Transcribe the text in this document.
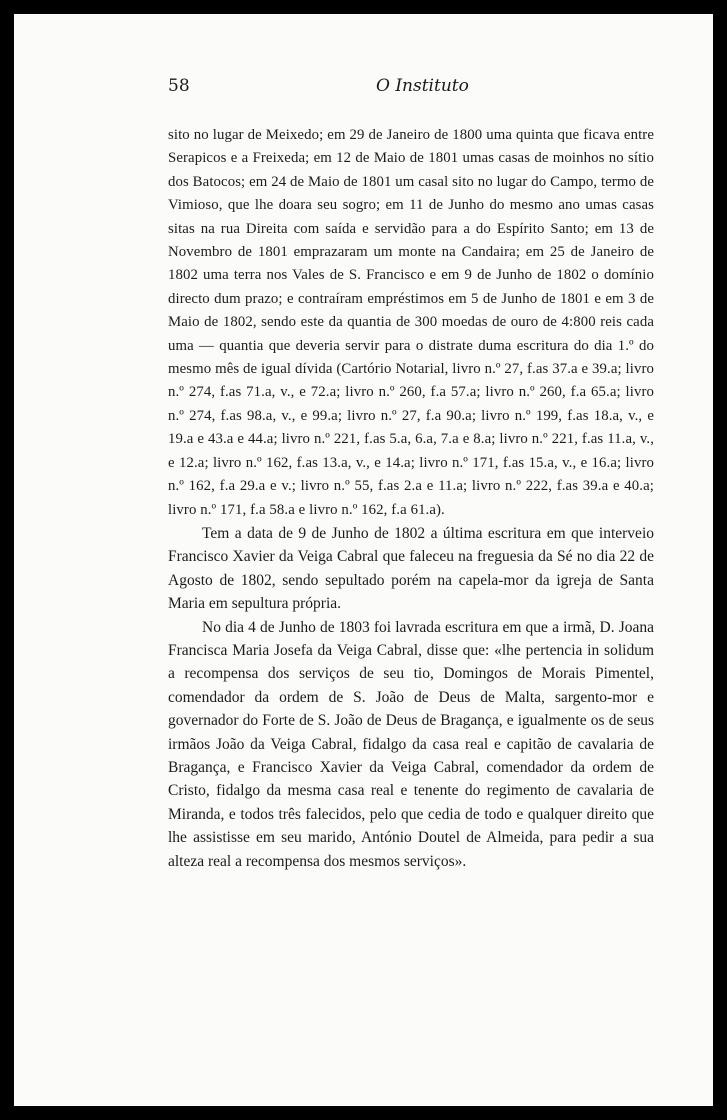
58	O Instituto

sito no lugar de Meixedo; em 29 de Janeiro de 1800 uma quinta que ficava entre Serapicos e a Freixeda; em 12 de Maio de 1801 umas casas de moinhos no sítio dos Batocos; em 24 de Maio de 1801 um casal sito no lugar do Campo, termo de Vimioso, que lhe doara seu sogro; em 11 de Junho do mesmo ano umas casas sitas na rua Direita com saída e servidão para a do Espírito Santo; em 13 de Novembro de 1801 emprazaram um monte na Candaira; em 25 de Janeiro de 1802 uma terra nos Vales de S. Francisco e em 9 de Junho de 1802 o domínio directo dum prazo; e contraíram empréstimos em 5 de Junho de 1801 e em 3 de Maio de 1802, sendo este da quantia de 300 moedas de ouro de 4:800 reis cada uma — quantia que deveria servir para o distrate duma escritura do dia 1.º do mesmo mês de igual dívida (Cartório Notarial, livro n.º 27, f.as 37.a e 39.a; livro n.º 274, f.as 71.a, v., e 72.a; livro n.º 260, f.a 57.a; livro n.º 260, f.a 65.a; livro n.º 274, f.as 98.a, v., e 99.a; livro n.º 27, f.a 90.a; livro n.º 199, f.as 18.a, v., e 19.a e 43.a e 44.a; livro n.º 221, f.as 5.a, 6.a, 7.a e 8.a; livro n.º 221, f.as 11.a, v., e 12.a; livro n.º 162, f.as 13.a, v., e 14.a; livro n.º 171, f.as 15.a, v., e 16.a; livro n.º 162, f.a 29.a e v.; livro n.º 55, f.as 2.a e 11.a; livro n.º 222, f.as 39.a e 40.a; livro n.º 171, f.a 58.a e livro n.º 162, f.a 61.a).

Tem a data de 9 de Junho de 1802 a última escritura em que interveio Francisco Xavier da Veiga Cabral que faleceu na freguesia da Sé no dia 22 de Agosto de 1802, sendo sepultado porém na capela-mor da igreja de Santa Maria em sepultura própria.

No dia 4 de Junho de 1803 foi lavrada escritura em que a irmã, D. Joana Francisca Maria Josefa da Veiga Cabral, disse que: «lhe pertencia in solidum a recompensa dos serviços de seu tio, Domingos de Morais Pimentel, comendador da ordem de S. João de Deus de Malta, sargento-mor e governador do Forte de S. João de Deus de Bragança, e igualmente os de seus irmãos João da Veiga Cabral, fidalgo da casa real e capitão de cavalaria de Bragança, e Francisco Xavier da Veiga Cabral, comendador da ordem de Cristo, fidalgo da mesma casa real e tenente do regimento de cavalaria de Miranda, e todos três falecidos, pelo que cedia de todo e qualquer direito que lhe assistisse em seu marido, António Doutel de Almeida, para pedir a sua alteza real a recompensa dos mesmos serviços».
